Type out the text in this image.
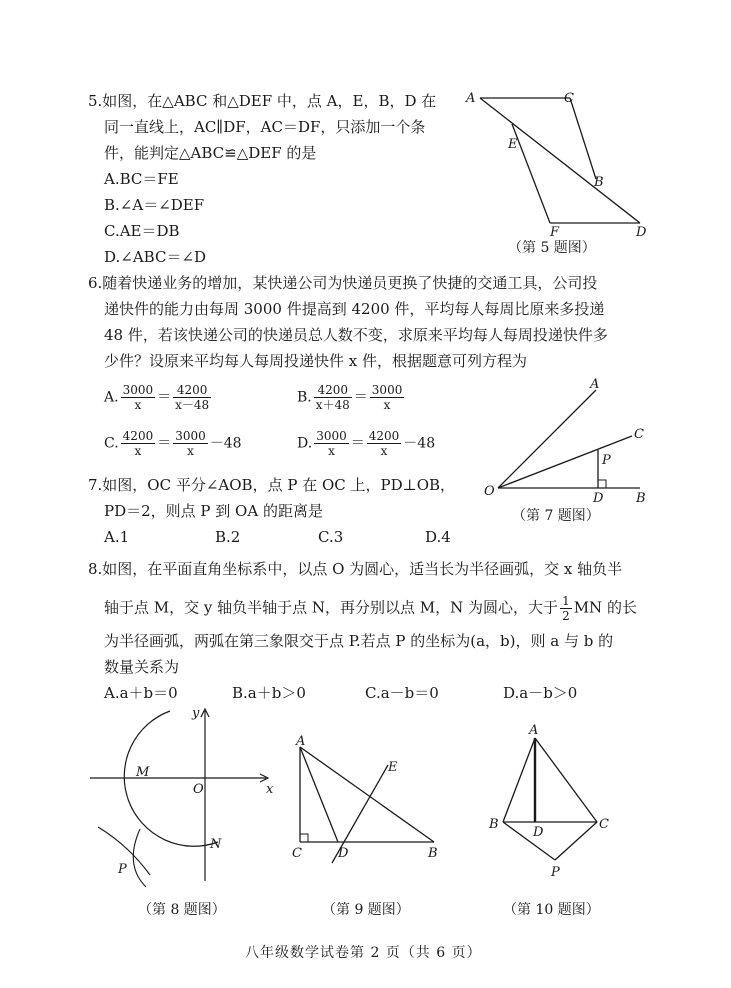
5.如图，在△ABC 和△DEF 中，点 A，E，B，D 在
同一直线上，AC∥DF，AC＝DF，只添加一个条
件，能判定△ABC≌△DEF 的是
A.BC＝FE
B.∠A＝∠DEF
C.AE＝DB
D.∠ABC＝∠D
A	C
E
B
F	D
（第 5 题图）
6.随着快递业务的增加，某快递公司为快递员更换了快捷的交通工具，公司投
递快件的能力由每周 3000 件提高到 4200 件，平均每人每周比原来多投递
48 件，若该快递公司的快递员总人数不变，求原来平均每人每周投递快件多
少件？设原来平均每人每周投递快件 x 件，根据题意可列方程为
A. $\frac{3000}{x} = \frac{4200}{x-48}$	B. $\frac{4200}{x+48} = \frac{3000}{x}$
C. $\frac{4200}{x} = \frac{3000}{x} -48$	D. $\frac{3000}{x} = \frac{4200}{x} -48$
7.如图，OC 平分∠AOB，点 P 在 OC 上，PD⊥OB，
PD＝2，则点 P 到 OA 的距离是
A.1	B.2	C.3	D.4
A
C
P
O	D	B
（第 7 题图）
8.如图，在平面直角坐标系中，以点 O 为圆心，适当长为半径画弧，交 x 轴负半
轴于点 M，交 y 轴负半轴于点 N，再分别以点 M，N 为圆心，大于 $\frac{1}{2}$ MN 的长
为半径画弧，两弧在第三象限交于点 P.若点 P 的坐标为(a，b)，则 a 与 b 的
数量关系为
A.a＋b＝0	B.a＋b＞0	C.a－b＝0	D.a－b＞0
y
x
O
M
N
P
（第 8 题图）
A
E
C	D	B
（第 9 题图）
A
B
D
C
P
（第 10 题图）
八年级数学试卷第 2 页（共 6 页）
